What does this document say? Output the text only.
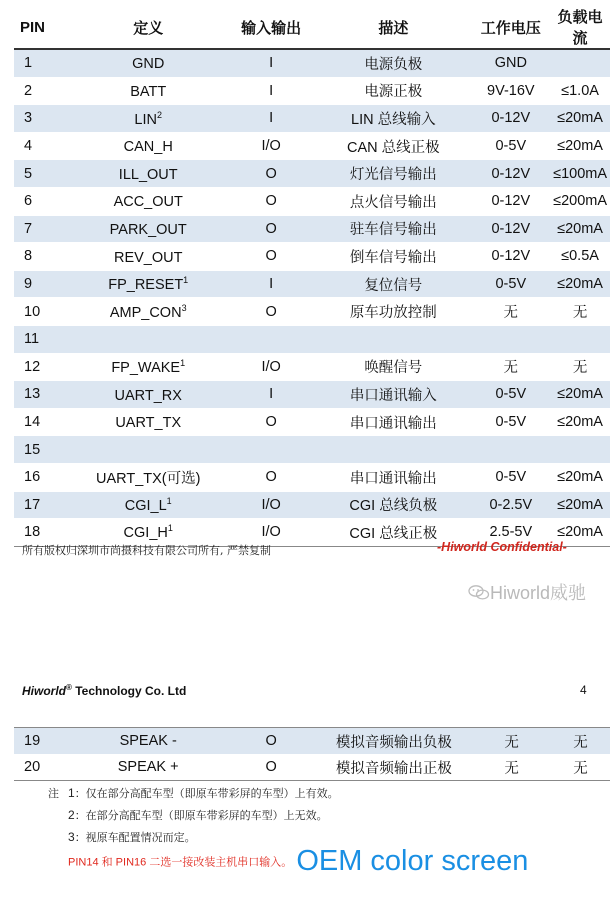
PIN	定义	输入输出	描述	工作电压	负载电流
1	GND	I	电源负极	GND	
2	BATT	I	电源正极	9V-16V	≤1.0A
3	LIN$^2$	I	LIN 总线输入	0-12V	≤20mA
4	CAN_H	I/O	CAN 总线正极	0-5V	≤20mA
5	ILL_OUT	O	灯光信号输出	0-12V	≤100mA
6	ACC_OUT	O	点火信号输出	0-12V	≤200mA
7	PARK_OUT	O	驻车信号输出	0-12V	≤20mA
8	REV_OUT	O	倒车信号输出	0-12V	≤0.5A
9	FP_RESET$^1$	I	复位信号	0-5V	≤20mA
10	AMP_CON$^3$	O	原车功放控制	无	无
11					
12	FP_WAKE$^1$	I/O	唤醒信号	无	无
13	UART_RX	I	串口通讯输入	0-5V	≤20mA
14	UART_TX	O	串口通讯输出	0-5V	≤20mA
15					
16	UART_TX(可选)	O	串口通讯输出	0-5V	≤20mA
17	$CGI\_L^1$	I/O	CGI 总线负极	0-2.5V	≤20mA
18	$CGI\_H^1$	I/O	CGI 总线正极	2.5-5V	≤20mA
所有版权归深圳市尚摄科技有限公司所有, 严禁复制	-Hiworld Confidential-
Hiworld威驰
Hiworld® Technology Co. Ltd	4
19	SPEAK -	O	模拟音频输出负极	无	无
20	SPEAK +	O	模拟音频输出正极	无	无
注 1：仅在部分高配车型（即原车带彩屏的车型）上有效。
2：在部分高配车型（即原车带彩屏的车型）上无效。
3：视原车配置情况而定。
PIN14 和 PIN16 二选一接改装主机串口输入。 OEM color screen
